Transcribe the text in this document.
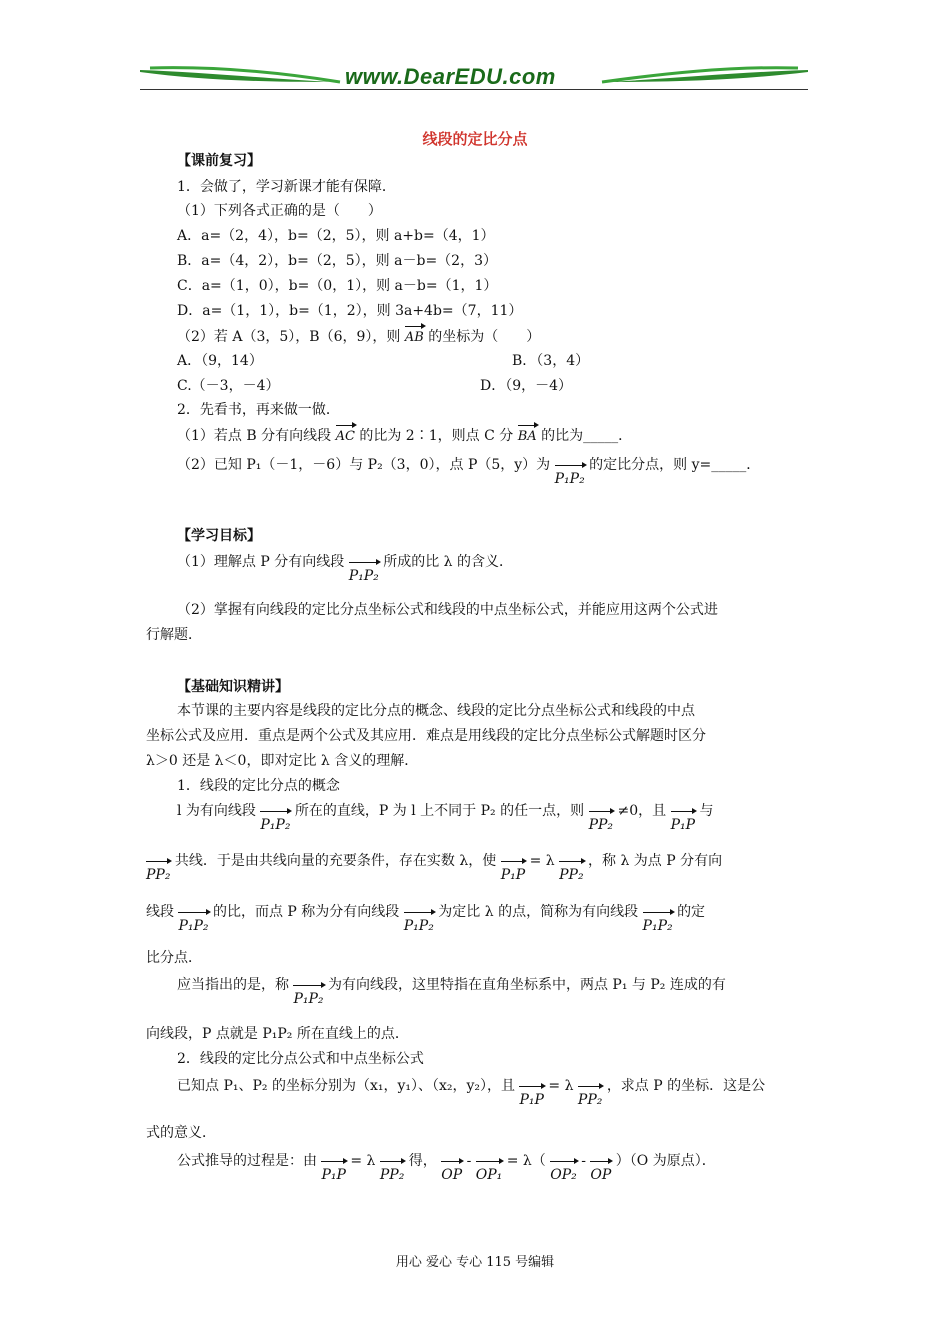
www.DearEDU.com
线段的定比分点
【课前复习】
1．会做了，学习新课才能有保障．
（1）下列各式正确的是（　　）
A．a=（2，4），b=（2，5），则 a+b=（4，1）
B．a=（4，2），b=（2，5），则 a－b=（2，3）
C．a=（1，0），b=（0，1），则 a－b=（1，1）
D．a=（1，1），b=（1，2），则 3a+4b=（7，11）
（2）若 A（3，5），B（6，9），则 AB 的坐标为（　　）
A．（9，14）	B．（3，4）
C.（－3，－4）	D．（9，－4）
2．先看书，再来做一做．
（1）若点 B 分有向线段 AC 的比为 2∶1，则点 C 分 BA 的比为_____．
（2）已知 P₁（－1，－6）与 P₂（3，0），点 P（5，y）为 P₁P₂ 的定比分点，则 y=_____．
【学习目标】
（1）理解点 P 分有向线段 P₁P₂ 所成的比 λ 的含义．
（2）掌握有向线段的定比分点坐标公式和线段的中点坐标公式，并能应用这两个公式进
行解题．
【基础知识精讲】
本节课的主要内容是线段的定比分点的概念、线段的定比分点坐标公式和线段的中点
坐标公式及应用．重点是两个公式及其应用．难点是用线段的定比分点坐标公式解题时区分
λ＞0 还是 λ＜0，即对定比 λ 含义的理解．
1．线段的定比分点的概念
l 为有向线段 P₁P₂ 所在的直线，P 为 l 上不同于 P₂ 的任一点，则 PP₂ ≠0，且 P₁P 与
PP₂ 共线．于是由共线向量的充要条件，存在实数 λ，使 P₁P = λ PP₂ ，称 λ 为点 P 分有向
线段 P₁P₂ 的比，而点 P 称为分有向线段 P₁P₂ 为定比 λ 的点，简称为有向线段 P₁P₂ 的定
比分点．
应当指出的是，称 P₁P₂ 为有向线段，这里特指在直角坐标系中，两点 P₁ 与 P₂ 连成的有
向线段，P 点就是 P₁P₂ 所在直线上的点．
2．线段的定比分点公式和中点坐标公式
已知点 P₁、P₂ 的坐标分别为（x₁，y₁）、（x₂，y₂），且 P₁P = λ PP₂ ，求点 P 的坐标．这是公
式的意义．
公式推导的过程是：由 P₁P = λ PP₂ 得， OP - OP₁ = λ（ OP₂ - OP ）（O 为原点）．
用心 爱心 专心 115 号编辑
